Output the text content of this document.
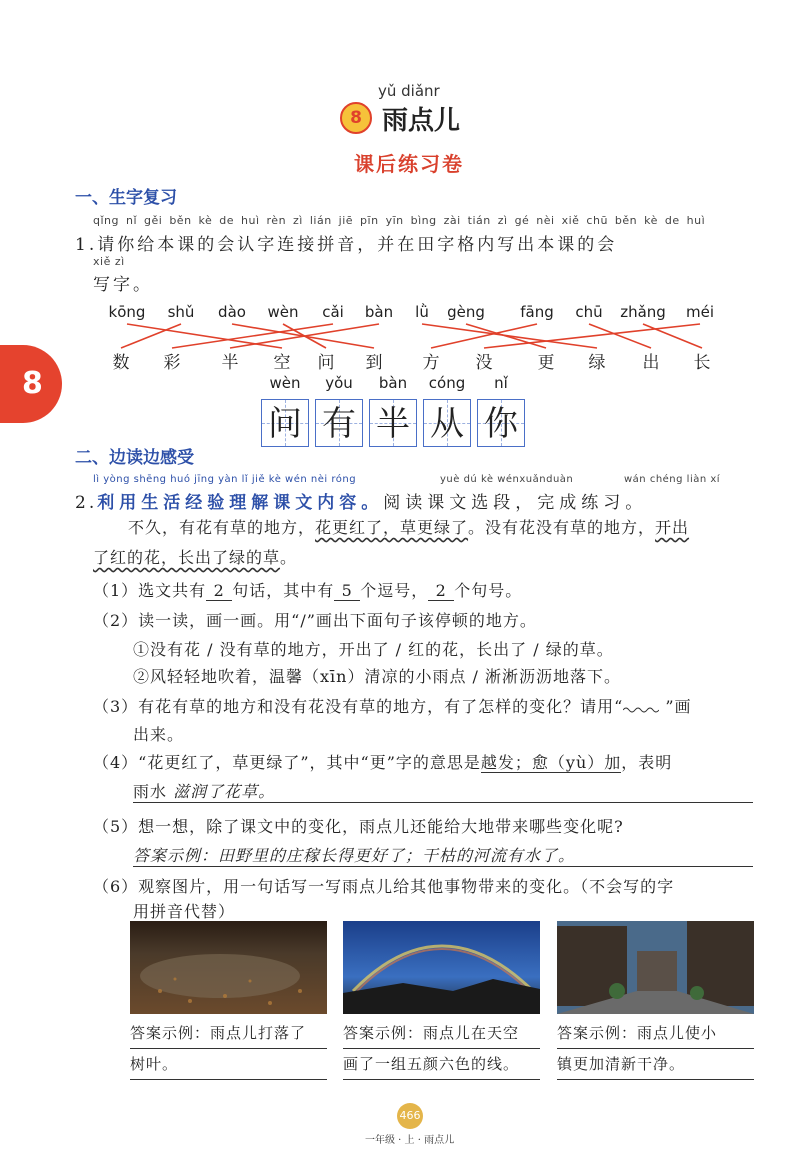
yǔ diǎnr
8 雨点儿
课后练习卷
8
一、生字复习
qǐng nǐ gěi běn kè de huì rèn zì lián jiē pīn yīn bìng zài tián zì gé nèi xiě chū běn kè de huì
1.请你给本课的会认字连接拼音，并在田字格内写出本课的会
xiě zì
写字。
kōng shǔ dào wèn cǎi bàn lǜ gèng fāng chū zhǎng méi
数 彩 半 空 问 到 方 没	更 绿 出 长
wèn yǒu bàn cóng nǐ
问 有 半 从 你
二、边读边感受
lì yòng shēng huó jīng yàn lǐ jiě kè wén nèi róng	yuè dú kè wénxuǎnduàn	wán chéng liàn xí
2.利用生活经验理解课文内容。阅读课文选段，完成练习。
不久，有花有草的地方，花更红了，草更绿了。没有花没有草的地方，开出
了红的花，长出了绿的草。
（1）选文共有 2 句话，其中有 5 个逗号， 2 个句号。
（2）读一读，画一画。用“/”画出下面句子该停顿的地方。
①没有花 / 没有草的地方，开出了 / 红的花，长出了 / 绿的草。
②风轻轻地吹着，温馨（xīn）清凉的小雨点 / 淅淅沥沥地落下。
（3）有花有草的地方和没有花没有草的地方，有了怎样的变化？请用“	”画
出来。
（4）“花更红了，草更绿了”，其中“更”字的意思是越发；愈（yù）加，表明
雨水 滋润了花草。
（5）想一想，除了课文中的变化，雨点儿还能给大地带来哪些变化呢?
答案示例：田野里的庄稼长得更好了；干枯的河流有水了。
（6）观察图片，用一句话写一写雨点儿给其他事物带来的变化。（不会写的字
用拼音代替）
答案示例：雨点儿打落了
树叶。
答案示例：雨点儿在天空
画了一组五颜六色的线。
答案示例：雨点儿使小
镇更加清新干净。
466
一年级 · 上 · 雨点儿
